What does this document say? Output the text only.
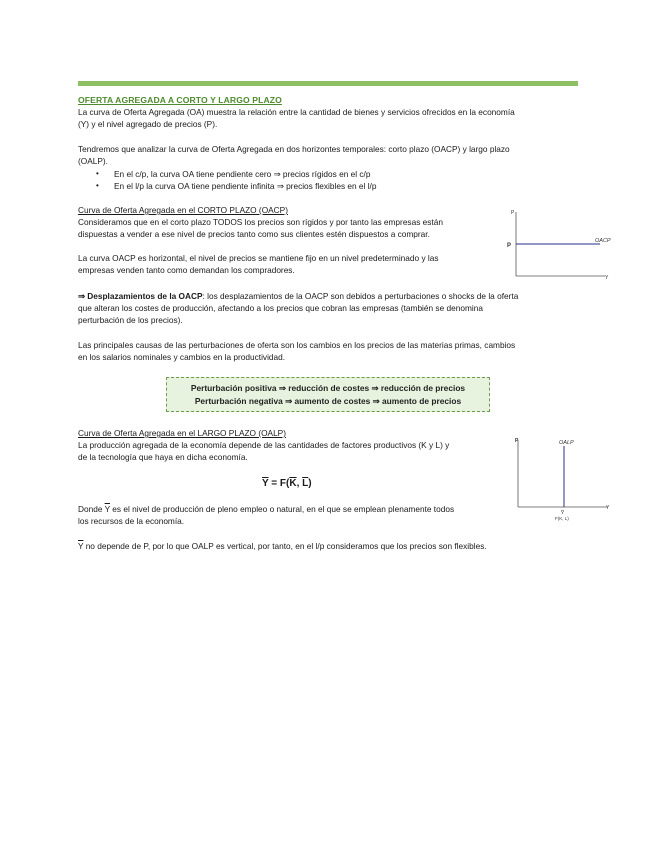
OFERTA AGREGADA A CORTO Y LARGO PLAZO

La curva de Oferta Agregada (OA) muestra la relación entre la cantidad de bienes y servicios ofrecidos en la economía
(Y) y el nivel agregado de precios (P).

Tendremos que analizar la curva de Oferta Agregada en dos horizontes temporales: corto plazo (OACP) y largo plazo
(OALP).

• En el c/p, la curva OA tiene pendiente cero ⇒ precios rígidos en el c/p
• En el l/p la curva OA tiene pendiente infinita ⇒ precios flexibles en el l/p
Curva de Oferta Agregada en el CORTO PLAZO (OACP)

Consideramos que en el corto plazo TODOS los precios son rígidos y por tanto las empresas están
dispuestas a vender a ese nivel de precios tanto como sus clientes estén dispuestos a comprar.

La curva OACP es horizontal, el nivel de precios se mantiene fijo en un nivel predeterminado y las
empresas venden tanto como demandan los compradores.

⇒ Desplazamientos de la OACP: los desplazamientos de la OACP son debidos a perturbaciones o shocks de la oferta
que alteran los costes de producción, afectando a los precios que cobran las empresas (también se denomina
perturbación de los precios).

Las principales causas de las perturbaciones de oferta son los cambios en los precios de las materias primas, cambios
en los salarios nominales y cambios en la productividad.

P
P
OACP
Y
Perturbación positiva ⇒ reducción de costes ⇒ reducción de precios
Perturbación negativa ⇒ aumento de costes ⇒ aumento de precios
Curva de Oferta Agregada en el LARGO PLAZO (OALP)

La producción agregada de la economía depende de las cantidades de factores productivos (K y L) y
de la tecnología que haya en dicha economía.

$\overline{Y} = F(\overline{K}$, $\overline{L}$)

Donde $\overline{Y}$ es el nivel de producción de pleno empleo o natural, en el que se emplean plenamente todos
los recursos de la economía.

$\overline{Y}$ no depende de P, por lo que OALP es vertical, por tanto, en el l/p consideramos que los precios son flexibles.

P	OALP
Y
Y
F(K, L)
